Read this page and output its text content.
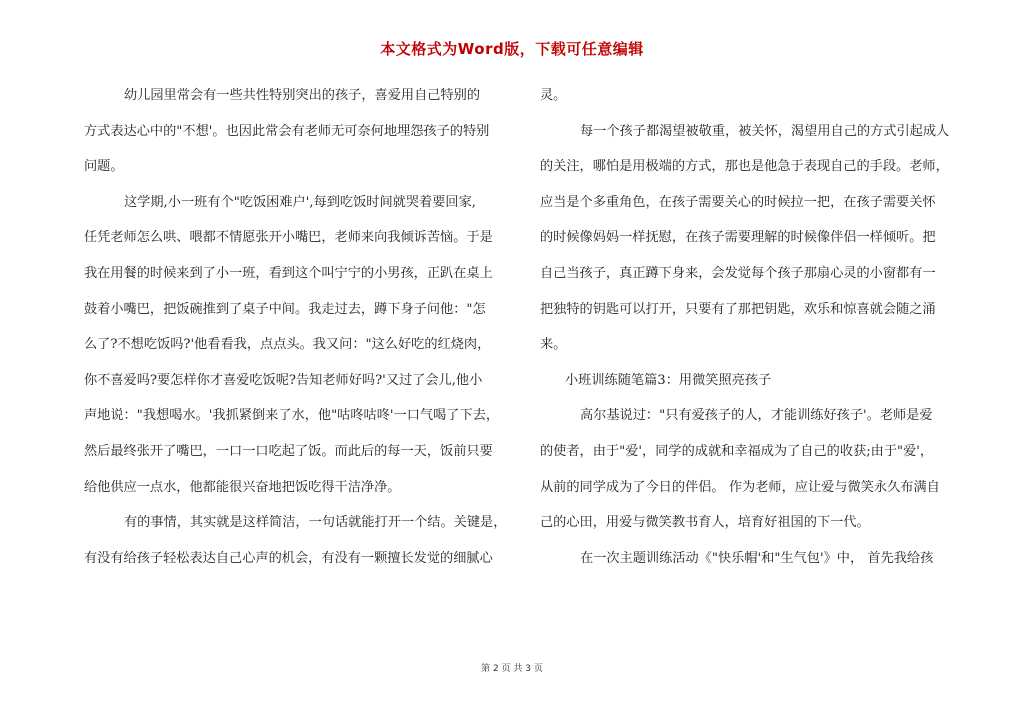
本文格式为Word版，下载可任意编辑
幼儿园里常会有一些共性特别突出的孩子，喜爱用自己特别的
方式表达心中的"不想'。也因此常会有老师无可奈何地埋怨孩子的特别
问题。
这学期,小一班有个"吃饭困难户',每到吃饭时间就哭着要回家,
任凭老师怎么哄、喂都不情愿张开小嘴巴，老师来向我倾诉苦恼。于是
我在用餐的时候来到了小一班，看到这个叫宁宁的小男孩，正趴在桌上
鼓着小嘴巴，把饭碗推到了桌子中间。我走过去，蹲下身子问他："怎
么了?不想吃饭吗?'他看看我，点点头。我又问："这么好吃的红烧肉，
你不喜爱吗?要怎样你才喜爱吃饭呢?告知老师好吗?'又过了会儿,他小
声地说："我想喝水。'我抓紧倒来了水，他"咕咚咕咚'一口气喝了下去，
然后最终张开了嘴巴，一口一口吃起了饭。而此后的每一天，饭前只要
给他供应一点水，他都能很兴奋地把饭吃得干洁净净。
有的事情，其实就是这样简洁，一句话就能打开一个结。关键是，
有没有给孩子轻松表达自己心声的机会，有没有一颗擅长发觉的细腻心
灵。
每一个孩子都渴望被敬重，被关怀，渴望用自己的方式引起成人
的关注，哪怕是用极端的方式，那也是他急于表现自己的手段。老师，
应当是个多重角色，在孩子需要关心的时候拉一把，在孩子需要关怀
的时候像妈妈一样抚慰，在孩子需要理解的时候像伴侣一样倾听。把
自己当孩子，真正蹲下身来，会发觉每个孩子那扇心灵的小窗都有一
把独特的钥匙可以打开，只要有了那把钥匙，欢乐和惊喜就会随之涌
来。
小班训练随笔篇3：用微笑照亮孩子
高尔基说过："只有爱孩子的人，才能训练好孩子'。老师是爱
的使者，由于"爱'，同学的成就和幸福成为了自己的收获;由于"爱'，
从前的同学成为了今日的伴侣。 作为老师，应让爱与微笑永久布满自
己的心田，用爱与微笑教书育人，培育好祖国的下一代。
在一次主题训练活动《"快乐帽'和"生气包'》中， 首先我给孩
第 2 页 共 3 页
